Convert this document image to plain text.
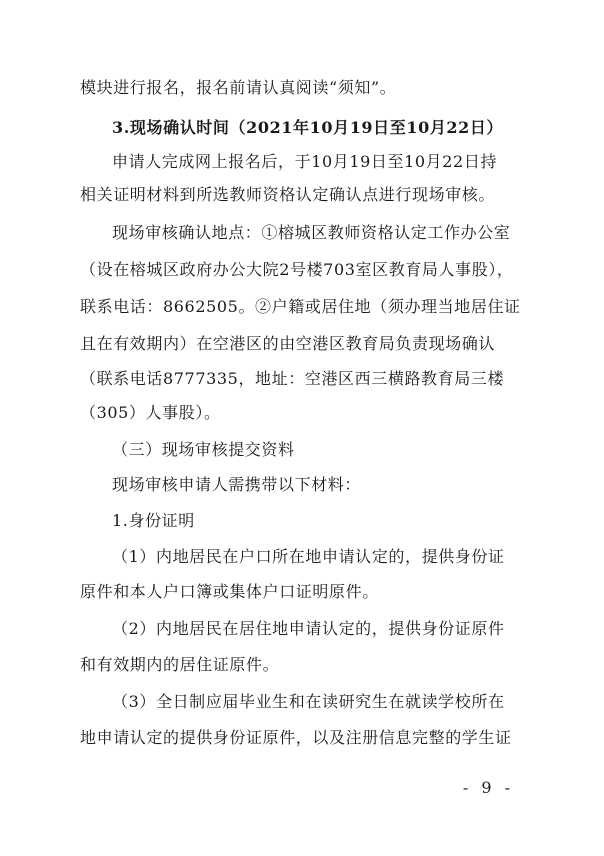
模块进行报名，报名前请认真阅读“须知”。
3.现场确认时间（2021年10月19日至10月22日）
申请人完成网上报名后，于10月19日至10月22日持
相关证明材料到所选教师资格认定确认点进行现场审核。
现场审核确认地点：①榕城区教师资格认定工作办公室
（设在榕城区政府办公大院2号楼703室区教育局人事股），
联系电话：8662505。②户籍或居住地（须办理当地居住证
且在有效期内）在空港区的由空港区教育局负责现场确认
（联系电话8777335，地址：空港区西三横路教育局三楼
（305）人事股）。
（三）现场审核提交资料
现场审核申请人需携带以下材料：
1.身份证明
（1）内地居民在户口所在地申请认定的，提供身份证
原件和本人户口簿或集体户口证明原件。
（2）内地居民在居住地申请认定的，提供身份证原件
和有效期内的居住证原件。
（3）全日制应届毕业生和在读研究生在就读学校所在
地申请认定的提供身份证原件，以及注册信息完整的学生证
- 9 -
